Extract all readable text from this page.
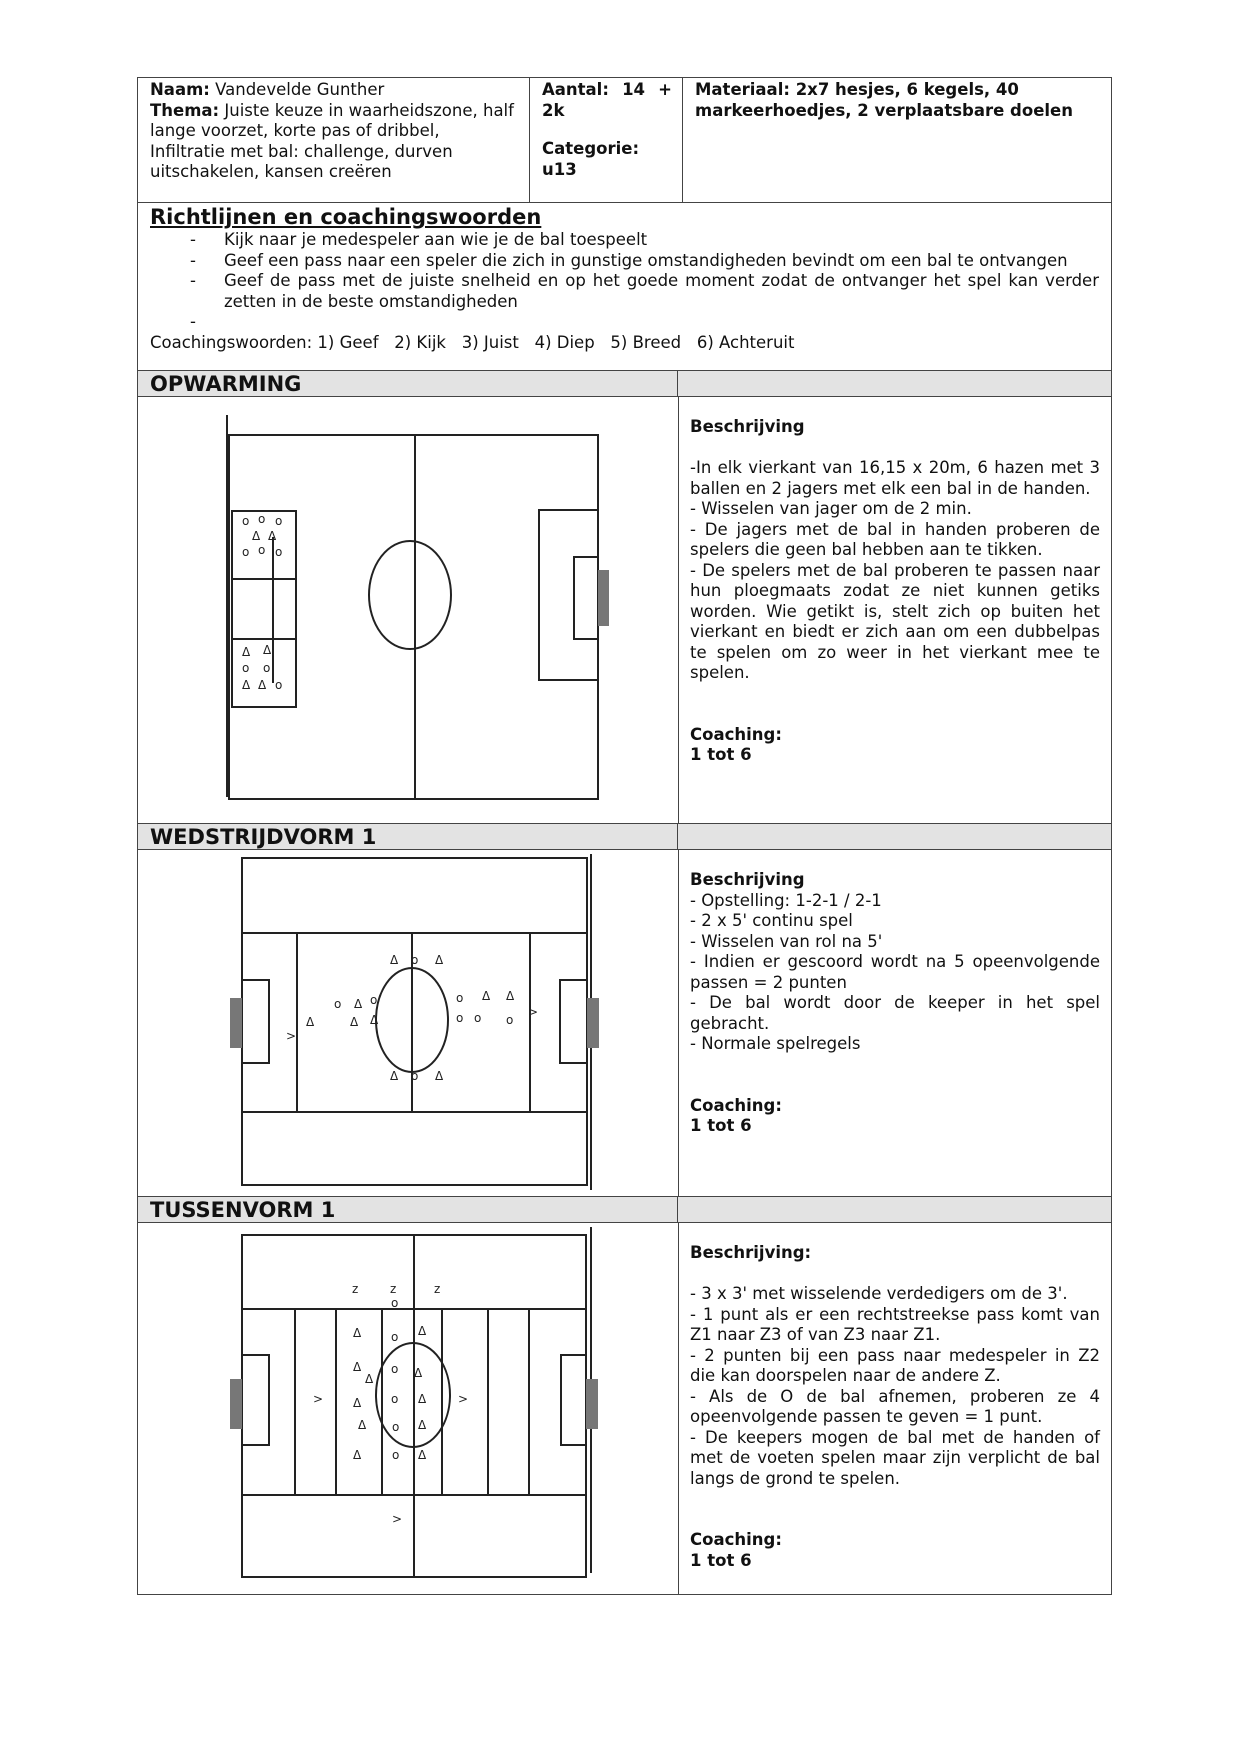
Naam: Vandevelde Gunther
Thema: Juiste keuze in waarheidszone, half lange voorzet, korte pas of dribbel, Infiltratie met bal: challenge, durven uitschakelen, kansen creëren
Aantal: 14 + 2k
Categorie:
u13
Materiaal: 2x7 hesjes, 6 kegels, 40 markeerhoedjes, 2 verplaatsbare doelen
Richtlijnen en coachingswoorden
- Kijk naar je medespeler aan wie je de bal toespeelt
- Geef een pass naar een speler die zich in gunstige omstandigheden bevindt om een bal te ontvangen
- Geef de pass met de juiste snelheid en op het goede moment zodat de ontvanger het spel kan verder zetten in de beste omstandigheden
-
Coachingswoorden: 1) Geef   2) Kijk   3) Juist   4) Diep   5) Breed   6) Achteruit
OPWARMING
o o o
Δ Δ
o o o
Δ Δ
o o
Δ Δ o

Beschrijving

-In elk vierkant van 16,15 x 20m, 6 hazen met 3 ballen en 2 jagers met elk een bal in de handen.

- Wisselen van jager om de 2 min.

- De jagers met de bal in handen proberen de spelers die geen bal hebben aan te tikken.

- De spelers met de bal proberen te passen naar hun ploegmaats zodat ze niet kunnen getiks worden. Wie getikt is, stelt zich op buiten het vierkant en biedt er zich aan om een dubbelpas te spelen om zo weer in het vierkant mee te spelen.

Coaching:

1 tot 6

WEDSTRIJDVORM 1
Δ o Δ
o Δ o	o Δ Δ
Δ	Δ Δ	o o o
>
>
Δ o Δ

Beschrijving

- Opstelling: 1-2-1 / 2-1

- 2 x 5' continu spel

- Wisselen van rol na 5'

- Indien er gescoord wordt na 5 opeenvolgende passen = 2 punten

- De bal wordt door de keeper in het spel gebracht.

- Normale spelregels

Coaching:

1 tot 6

TUSSENVORM 1
z	z	z
o
Δ o Δ
Δ o Δ
Δ
Δ o Δ
>	>
Δ o Δ
Δ	o Δ
>

Beschrijving:

- 3 x 3' met wisselende verdedigers om de 3'.

- 1 punt als er een rechtstreekse pass komt van Z1 naar Z3 of van Z3 naar Z1.

- 2 punten bij een pass naar medespeler in Z2 die kan doorspelen naar de andere Z.

- Als de O de bal afnemen, proberen ze 4 opeenvolgende passen te geven = 1 punt.

- De keepers mogen de bal met de handen of met de voeten spelen maar zijn verplicht de bal langs de grond te spelen.

Coaching:

1 tot 6
